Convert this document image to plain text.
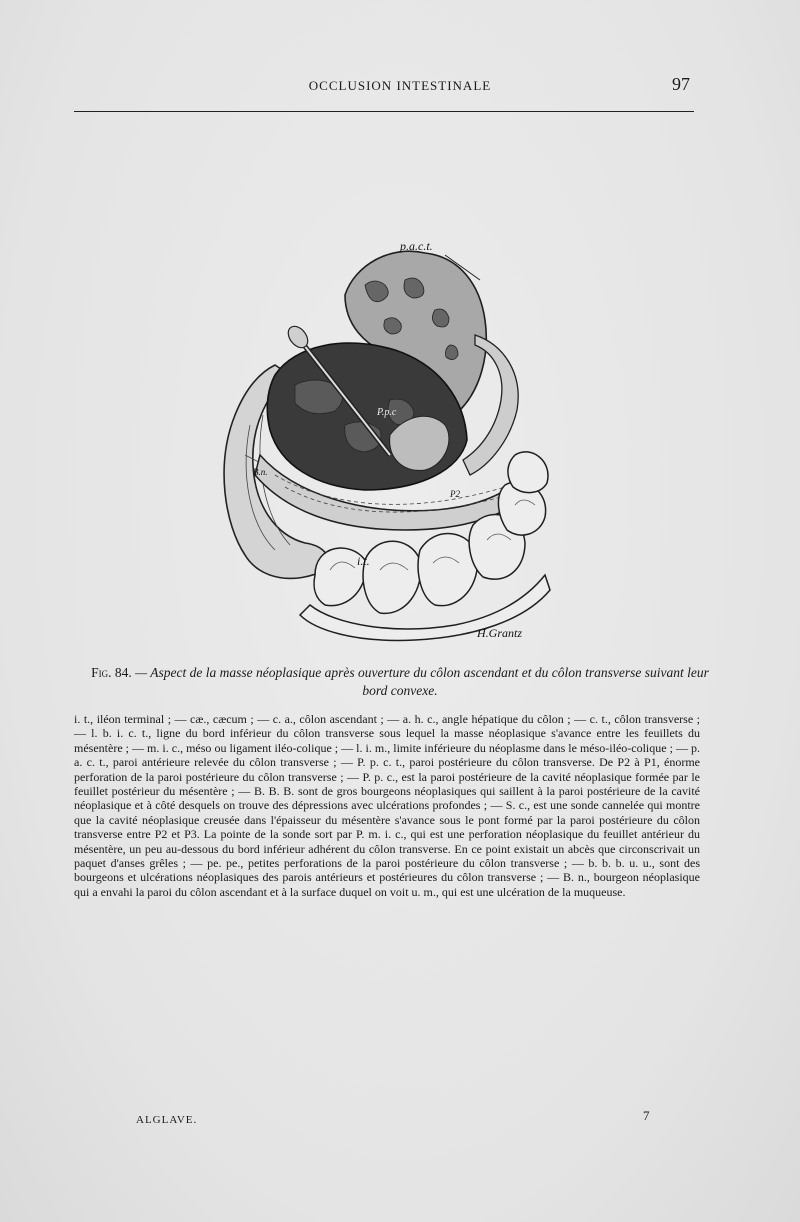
OCCLUSION INTESTINALE	97
p.a.c.t.
i.t.
B.n.
P.p.c
P2
H.Grantz
Fig. 84. — Aspect de la masse néoplasique après ouverture du côlon ascendant et du côlon transverse suivant leur bord convexe.
i. t., iléon terminal ; — cæ., cæcum ; — c. a., côlon ascendant ; — a. h. c., angle hépatique du côlon ; — c. t., côlon transverse ; — l. b. i. c. t., ligne du bord inférieur du côlon transverse sous lequel la masse néoplasique s'avance entre les feuillets du mésentère ; — m. i. c., méso ou ligament iléo-colique ; — l. i. m., limite inférieure du néoplasme dans le méso-iléo-colique ; — p. a. c. t., paroi antérieure relevée du côlon transverse ; — P. p. c. t., paroi postérieure du côlon transverse. De P2 à P1, énorme perforation de la paroi postérieure du côlon transverse ; — P. p. c., est la paroi postérieure de la cavité néoplasique formée par le feuillet postérieur du mésentère ; — B. B. B. sont de gros bourgeons néoplasiques qui saillent à la paroi postérieure de la cavité néoplasique et à côté desquels on trouve des dépressions avec ulcérations profondes ; — S. c., est une sonde cannelée qui montre que la cavité néoplasique creusée dans l'épaisseur du mésentère s'avance sous le pont formé par la paroi postérieure du côlon transverse entre P2 et P3. La pointe de la sonde sort par P. m. i. c., qui est une perforation néoplasique du feuillet antérieur du mésentère, un peu au-dessous du bord inférieur adhérent du côlon transverse. En ce point existait un abcès que circonscrivait un paquet d'anses grêles ; — pe. pe., petites perforations de la paroi postérieure du côlon transverse ; — b. b. b. u. u., sont des bourgeons et ulcérations néoplasiques des parois antérieurs et postérieures du côlon transverse ; — B. n., bourgeon néoplasique qui a envahi la paroi du côlon ascendant et à la surface duquel on voit u. m., qui est une ulcération de la muqueuse.
ALGLAVE.	7
